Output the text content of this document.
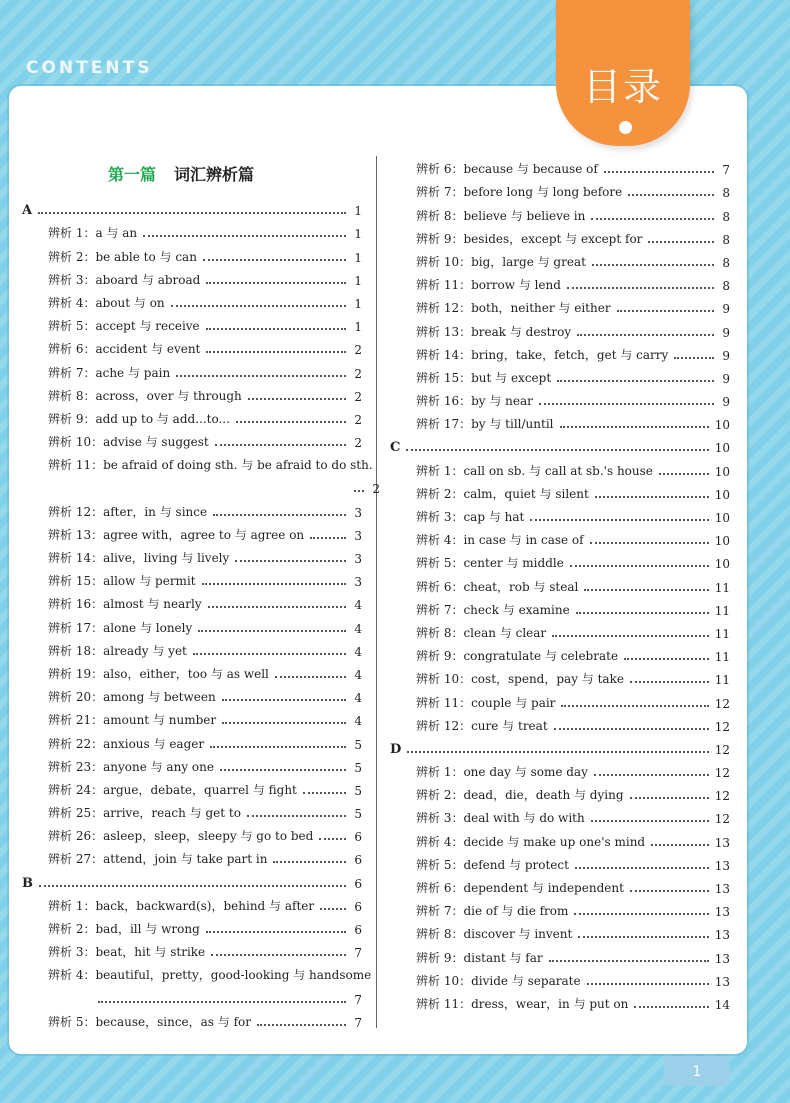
CONTENTS	目录
第一篇 词汇辨析篇
A	1
辨析 1：a 与 an	1
辨析 2：be able to 与 can	1
辨析 3：aboard 与 abroad	1
辨析 4：about 与 on	1
辨析 5：accept 与 receive	1
辨析 6：accident 与 event	2
辨析 7：ache 与 pain	2
辨析 8：across，over 与 through	2
辨析 9：add up to 与 add...to...	2
辨析 10：advise 与 suggest	2
辨析 11：be afraid of doing sth. 与 be afraid to do sth.
2
辨析 12：after，in 与 since	3
辨析 13：agree with，agree to 与 agree on	3
辨析 14：alive，living 与 lively	3
辨析 15：allow 与 permit	3
辨析 16：almost 与 nearly	4
辨析 17：alone 与 lonely	4
辨析 18：already 与 yet	4
辨析 19：also，either，too 与 as well	4
辨析 20：among 与 between	4
辨析 21：amount 与 number	4
辨析 22：anxious 与 eager	5
辨析 23：anyone 与 any one	5
辨析 24：argue，debate，quarrel 与 fight	5
辨析 25：arrive，reach 与 get to	5
辨析 26：asleep，sleep，sleepy 与 go to bed	6
辨析 27：attend，join 与 take part in	6
B	6
辨析 1：back，backward(s)，behind 与 after	6
辨析 2：bad，ill 与 wrong	6
辨析 3：beat，hit 与 strike	7
辨析 4：beautiful，pretty，good-looking 与 handsome
7
辨析 5：because，since，as 与 for	7
辨析 6：because 与 because of	7
辨析 7：before long 与 long before	8
辨析 8：believe 与 believe in	8
辨析 9：besides，except 与 except for	8
辨析 10：big，large 与 great	8
辨析 11：borrow 与 lend	8
辨析 12：both，neither 与 either	9
辨析 13：break 与 destroy	9
辨析 14：bring，take，fetch，get 与 carry	9
辨析 15：but 与 except	9
辨析 16：by 与 near	9
辨析 17：by 与 till/until	10
C	10
辨析 1：call on sb. 与 call at sb.'s house	10
辨析 2：calm，quiet 与 silent	10
辨析 3：cap 与 hat	10
辨析 4：in case 与 in case of	10
辨析 5：center 与 middle	10
辨析 6：cheat，rob 与 steal	11
辨析 7：check 与 examine	11
辨析 8：clean 与 clear	11
辨析 9：congratulate 与 celebrate	11
辨析 10：cost，spend，pay 与 take	11
辨析 11：couple 与 pair	12
辨析 12：cure 与 treat	12
D	12
辨析 1：one day 与 some day	12
辨析 2：dead，die，death 与 dying	12
辨析 3：deal with 与 do with	12
辨析 4：decide 与 make up one's mind	13
辨析 5：defend 与 protect	13
辨析 6：dependent 与 independent	13
辨析 7：die of 与 die from	13
辨析 8：discover 与 invent	13
辨析 9：distant 与 far	13
辨析 10：divide 与 separate	13
辨析 11：dress，wear，in 与 put on	14
1
